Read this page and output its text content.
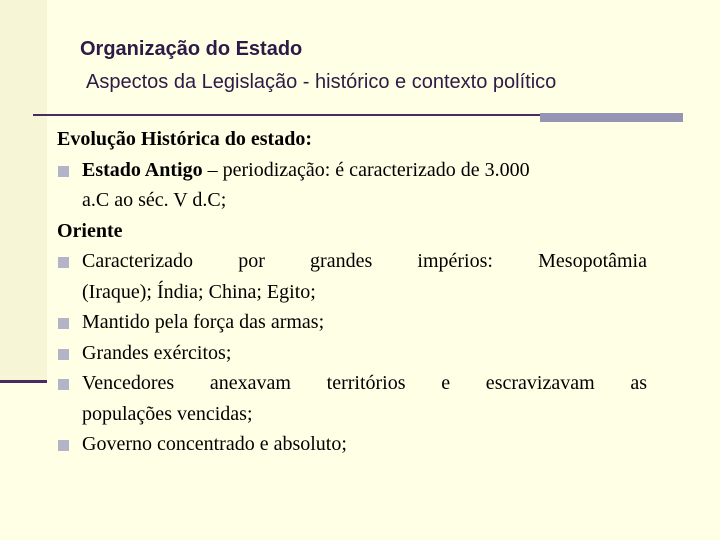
Organização do Estado
Aspectos da Legislação - histórico e contexto político
Evolução Histórica do estado:
Estado Antigo – periodização: é caracterizado de 3.000
a.C ao séc. V d.C;
Oriente
Caracterizado por grandes impérios: Mesopotâmia
(Iraque); Índia; China; Egito;
Mantido pela força das armas;
Grandes exércitos;
Vencedores anexavam territórios e escravizavam as
populações vencidas;
Governo concentrado e absoluto;
